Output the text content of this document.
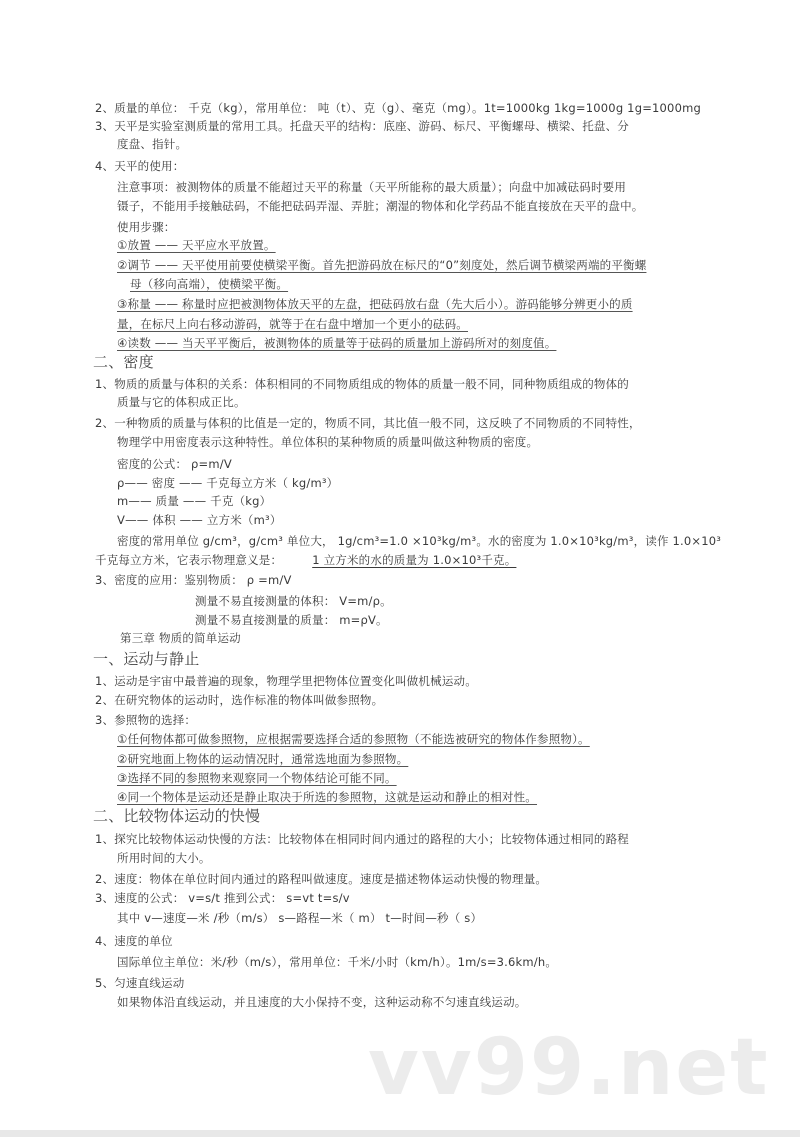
vv99.net
2、质量的单位： 千克（kg），常用单位： 吨（t）、克（g）、毫克（mg）。1t=1000kg 1kg=1000g 1g=1000mg
3、天平是实验室测质量的常用工具。托盘天平的结构：底座、游码、标尺、平衡螺母、横梁、托盘、分
度盘、指针。
4、天平的使用：
注意事项：被测物体的质量不能超过天平的称量（天平所能称的最大质量）；向盘中加减砝码时要用
镊子，不能用手接触砝码，不能把砝码弄湿、弄脏；潮湿的物体和化学药品不能直接放在天平的盘中。
使用步骤：
①放置 —— 天平应水平放置。
②调节 —— 天平使用前要使横梁平衡。首先把游码放在标尺的“0”刻度处，然后调节横梁两端的平衡螺
母（移向高端），使横梁平衡。
③称量 —— 称量时应把被测物体放天平的左盘，把砝码放右盘（先大后小）。游码能够分辨更小的质
量，在标尺上向右移动游码，就等于在右盘中增加一个更小的砝码。
④读数 —— 当天平平衡后，被测物体的质量等于砝码的质量加上游码所对的刻度值。
二、密度
1、物质的质量与体积的关系：体积相同的不同物质组成的物体的质量一般不同，同种物质组成的物体的
质量与它的体积成正比。
2、一种物质的质量与体积的比值是一定的，物质不同，其比值一般不同，这反映了不同物质的不同特性，
物理学中用密度表示这种特性。单位体积的某种物质的质量叫做这种物质的密度。
密度的公式： ρ=m/V
ρ—— 密度 —— 千克每立方米（ kg/m³）
m—— 质量 —— 千克（kg）
V—— 体积 —— 立方米（m³）
密度的常用单位 g/cm³，g/cm³ 单位大， 1g/cm³=1.0 ×10³kg/m³。水的密度为 1.0×10³kg/m³，读作 1.0×10³
千克每立方米，它表示物理意义是：	1 立方米的水的质量为 1.0×10³千克。
3、密度的应用：鉴别物质： ρ =m/V
测量不易直接测量的体积： V=m/ρ。
测量不易直接测量的质量： m=ρV。
第三章 物质的简单运动
一、运动与静止
1、运动是宇宙中最普遍的现象，物理学里把物体位置变化叫做机械运动。
2、在研究物体的运动时，选作标准的物体叫做参照物。
3、参照物的选择：
①任何物体都可做参照物，应根据需要选择合适的参照物（不能选被研究的物体作参照物）。
②研究地面上物体的运动情况时，通常选地面为参照物。
③选择不同的参照物来观察同一个物体结论可能不同。
④同一个物体是运动还是静止取决于所选的参照物，这就是运动和静止的相对性。
二、比较物体运动的快慢
1、探究比较物体运动快慢的方法：比较物体在相同时间内通过的路程的大小；比较物体通过相同的路程
所用时间的大小。
2、速度：物体在单位时间内通过的路程叫做速度。速度是描述物体运动快慢的物理量。
3、速度的公式： v=s/t 推到公式： s=vt t=s/v
其中 v—速度—米 /秒（m/s） s—路程—米（ m） t—时间—秒（ s）
4、速度的单位
国际单位主单位：米/秒（m/s），常用单位：千米/小时（km/h）。1m/s=3.6km/h。
5、匀速直线运动
如果物体沿直线运动，并且速度的大小保持不变，这种运动称不匀速直线运动。
